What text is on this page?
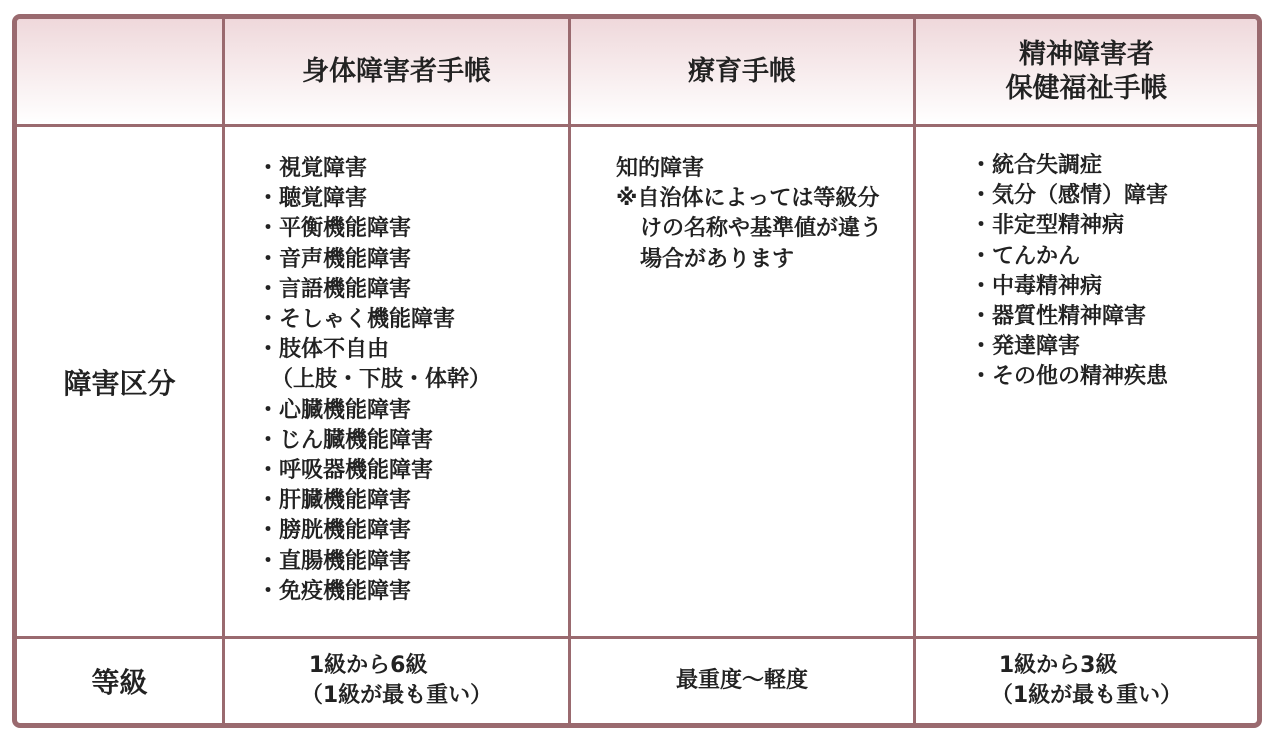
身体障害者手帳	療育手帳
精神障害者
保健福祉手帳
障害区分
・視覚障害
・聴覚障害
・平衡機能障害
・音声機能障害
・言語機能障害
・そしゃく機能障害
・肢体不自由
（上肢・下肢・体幹）
・心臓機能障害
・じん臓機能障害
・呼吸器機能障害
・肝臓機能障害
・膀胱機能障害
・直腸機能障害
・免疫機能障害
知的障害
※自治体によっては等級分けの名称や基準値が違う場合があります
・統合失調症
・気分（感情）障害
・非定型精神病
・てんかん
・中毒精神病
・器質性精神障害
・発達障害
・その他の精神疾患
等級
1級から6級
（1級が最も重い）
最重度～軽度
1級から3級
（1級が最も重い）
